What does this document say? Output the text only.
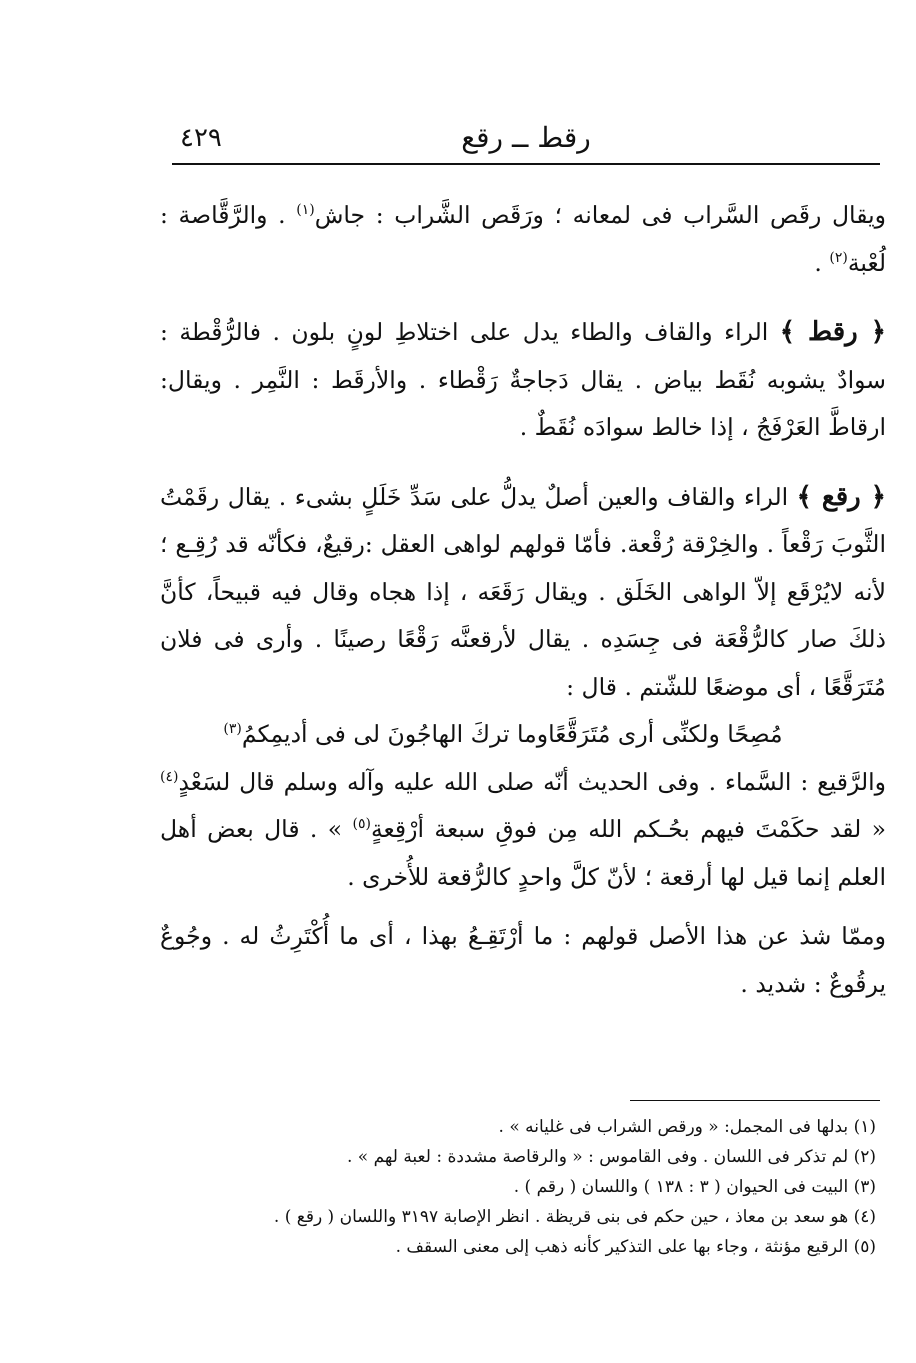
رقط ــ رقع
٤٢٩

ويقال رقَص السَّراب فى لمعانه ؛ ورَقَص الشَّراب : جاش$^{(١)}$ . والرَّقَّاصة : لُعْبة$^{(٢)}$ .

﴿ رقط ﴾ الراء والقاف والطاء يدل على اختلاطِ لونٍ بلون . فالرُّقْطة : سوادٌ يشوبه نُقَط بياض . يقال دَجاجةٌ رَقْطاء . والأرقَط : النَّمِر . ويقال: ارقاطَّ العَرْفَجُ ، إذا خالط سوادَه نُقَطٌ .

﴿ رقع ﴾ الراء والقاف والعين أصلٌ يدلُّ على سَدِّ خَلَلٍ بشىء . يقال رقَمْتُ الثَّوبَ رَقْعاً . والخِرْقة رُقْعة. فأمّا قولهم لواهى العقل :رقيعٌ، فكأنّه قد رُقِـع ؛ لأنه لايُرْقَع إلاّ الواهى الخَلَق . ويقال رَقَعَه ، إذا هجاه وقال فيه قبيحاً، كأنَّ ذلكَ صار كالرُّقْعَة فى جِسَدِه . يقال لأرقعنَّه رَقْعًا رصينًا . وأرى فى فلان مُتَرَقَّعًا ، أى موضعًا للشّتم . قال :

مُصِحًا ولكنِّى أرى مُتَرَقَّعًاوما تركَ الهاجُونَ لى فى أديمِكمُ(٣)

والرَّقيع : السَّماء . وفى الحديث أنّه صلى الله عليه وآله وسلم قال لسَعْدٍ$^{(٤)}$ « لقد حكَمْتَ فيهم بحُـكم الله مِن فوقِ سبعة أرْقِعةٍ$^{(٥)}$ » . قال بعض أهل العلم إنما قيل لها أرقعة ؛ لأنّ كلَّ واحدٍ كالرُّقعة للأُخرى .

وممّا شذ عن هذا الأصل قولهم : ما أرْتَقِـعُ بهذا ، أى ما أُكْتَرِثُ له . وجُوعٌ يرقُوعٌ : شديد .

(١) بدلها فى المجمل: « ورقص الشراب فى غليانه » .
(٢) لم تذكر فى اللسان . وفى القاموس : « والرقاصة مشددة : لعبة لهم » .
(٣) البيت فى الحيوان ( ٣ : ١٣٨ ) واللسان ( رقم ) .
(٤) هو سعد بن معاذ ، حين حكم فى بنى قريظة . انظر الإصابة ٣١٩٧ واللسان ( رقع ) .
(٥) الرقيع مؤنثة ، وجاء بها على التذكير كأنه ذهب إلى معنى السقف .
